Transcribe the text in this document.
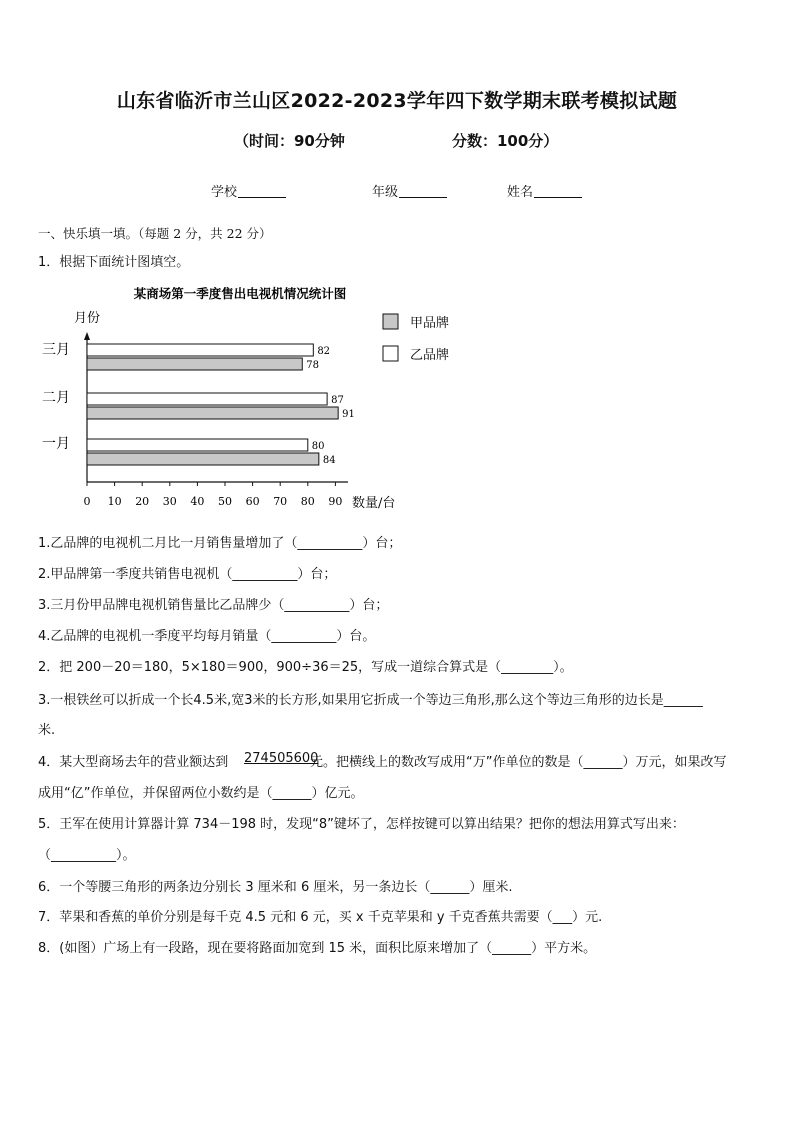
山东省临沂市兰山区2022-2023学年四下数学期末联考模拟试题
（时间：90分钟	分数：100分）
学校	年级	姓名
一、快乐填一填。（每题 2 分，共 22 分）
1．根据下面统计图填空。
某商场第一季度售出电视机情况统计图
月份
数量/台
0 10 20 30 40 50 60 70 80 90
一月
二月
三月
80
84
87
91
82
78
甲品牌
乙品牌
1.乙品牌的电视机二月比一月销售量增加了（__________）台；
2.甲品牌第一季度共销售电视机（__________）台；
3.三月份甲品牌电视机销售量比乙品牌少（__________）台；
4.乙品牌的电视机一季度平均每月销量（__________）台。
2．把 200－20＝180，5×180＝900，900÷36＝25，写成一道综合算式是（________）。
3.一根铁丝可以折成一个长4.5米,宽3米的长方形,如果用它折成一个等边三角形,那么这个等边三角形的边长是______
米.
4．某大型商场去年的营业额达到 274505600
元。把横线上的数改写成用“万”作单位的数是（______）万元，如果改写
成用“亿”作单位，并保留两位小数约是（______）亿元。
5．王军在使用计算器计算 734－198 时，发现“8”键坏了，怎样按键可以算出结果？把你的想法用算式写出来：
（__________）。
6．一个等腰三角形的两条边分别长 3 厘米和 6 厘米，另一条边长（______）厘米.
7．苹果和香蕉的单价分别是每千克 4.5 元和 6 元，买 x 千克苹果和 y 千克香蕉共需要（___）元.
8．(如图）广场上有一段路，现在要将路面加宽到 15 米，面积比原来增加了（______）平方米。
